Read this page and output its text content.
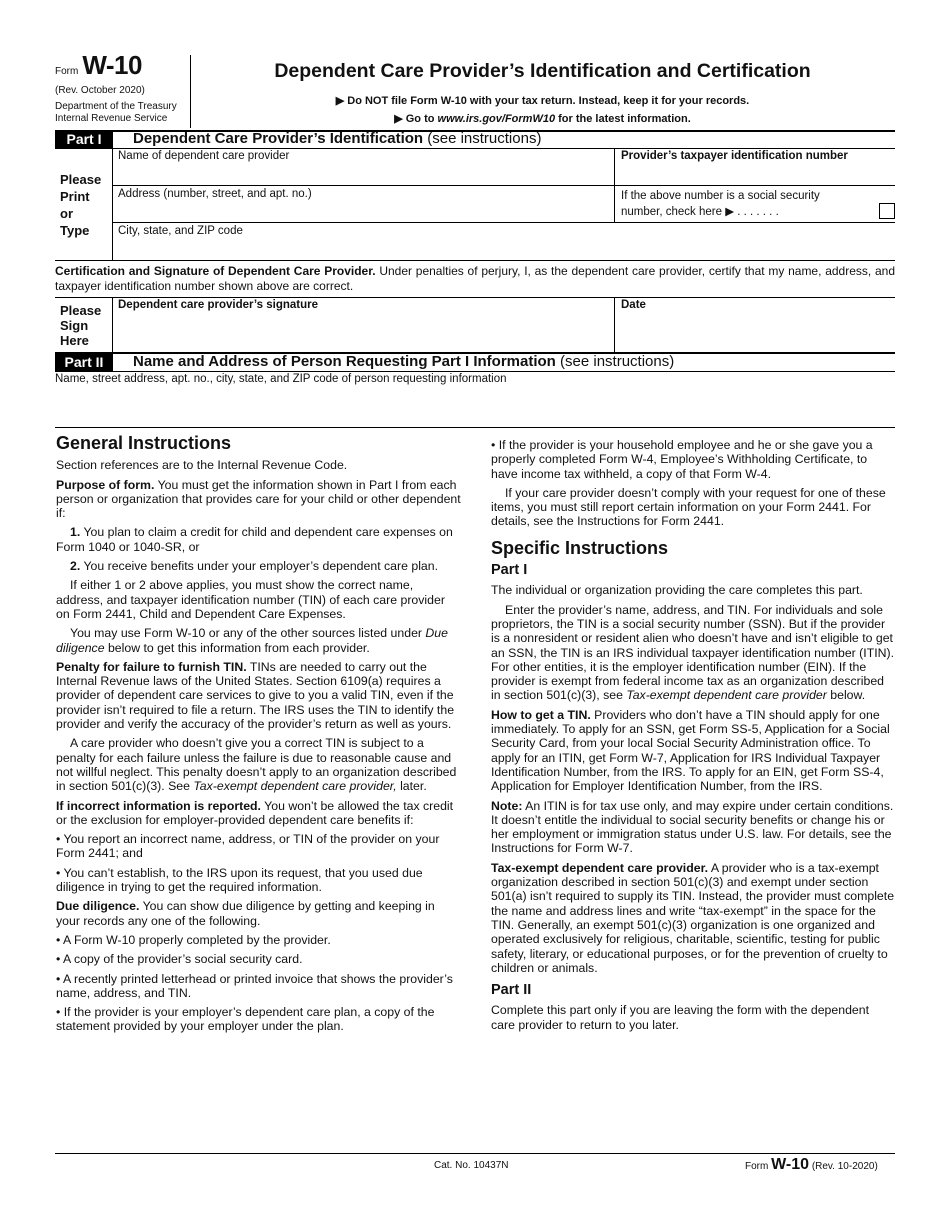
Form W-10
(Rev. October 2020)
Department of the Treasury
Internal Revenue Service
Dependent Care Provider’s Identification and Certification
▶ Do NOT file Form W-10 with your tax return. Instead, keep it for your records.
▶ Go to www.irs.gov/FormW10 for the latest information.
Part I	Dependent Care Provider’s Identification (see instructions)
Please
Print
or
Type
Name of dependent care provider	Provider’s taxpayer identification number
Address (number, street, and apt. no.)	If the above number is a social security
number, check here ▶ . . . . . . .
City, state, and ZIP code
Certification and Signature of Dependent Care Provider. Under penalties of perjury, I, as the dependent care provider, certify that my name, address, and taxpayer identification number shown above are correct.
Please
Sign
Here
Dependent care provider’s signature	Date
Part II	Name and Address of Person Requesting Part I Information (see instructions)
Name, street address, apt. no., city, state, and ZIP code of person requesting information
General Instructions

Section references are to the Internal Revenue Code.

Purpose of form. You must get the information shown in Part I from each person or organization that provides care for your child or other dependent if:

1. You plan to claim a credit for child and dependent care expenses on Form 1040 or 1040-SR, or

2. You receive benefits under your employer’s dependent care plan.

If either 1 or 2 above applies, you must show the correct name, address, and taxpayer identification number (TIN) of each care provider on Form 2441, Child and Dependent Care Expenses.

You may use Form W-10 or any of the other sources listed under Due diligence below to get this information from each provider.

Penalty for failure to furnish TIN. TINs are needed to carry out the Internal Revenue laws of the United States. Section 6109(a) requires a provider of dependent care services to give to you a valid TIN, even if the provider isn’t required to file a return. The IRS uses the TIN to identify the provider and verify the accuracy of the provider’s return as well as yours.

A care provider who doesn’t give you a correct TIN is subject to a penalty for each failure unless the failure is due to reasonable cause and not willful neglect. This penalty doesn’t apply to an organization described in section 501(c)(3). See Tax-exempt dependent care provider, later.

If incorrect information is reported. You won’t be allowed the tax credit or the exclusion for employer-provided dependent care benefits if:

• You report an incorrect name, address, or TIN of the provider on your Form 2441; and

• You can’t establish, to the IRS upon its request, that you used due diligence in trying to get the required information.

Due diligence. You can show due diligence by getting and keeping in your records any one of the following.

• A Form W-10 properly completed by the provider.

• A copy of the provider’s social security card.

• A recently printed letterhead or printed invoice that shows the provider’s name, address, and TIN.

• If the provider is your employer’s dependent care plan, a copy of the statement provided by your employer under the plan.

• If the provider is your household employee and he or she gave you a properly completed Form W-4, Employee’s Withholding Certificate, to have income tax withheld, a copy of that Form W-4.

If your care provider doesn’t comply with your request for one of these items, you must still report certain information on your Form 2441. For details, see the Instructions for Form 2441.

Specific Instructions
Part I

The individual or organization providing the care completes this part.

Enter the provider’s name, address, and TIN. For individuals and sole proprietors, the TIN is a social security number (SSN). But if the provider is a nonresident or resident alien who doesn’t have and isn’t eligible to get an SSN, the TIN is an IRS individual taxpayer identification number (ITIN). For other entities, it is the employer identification number (EIN). If the provider is exempt from federal income tax as an organization described in section 501(c)(3), see Tax-exempt dependent care provider below.

How to get a TIN. Providers who don’t have a TIN should apply for one immediately. To apply for an SSN, get Form SS-5, Application for a Social Security Card, from your local Social Security Administration office. To apply for an ITIN, get Form W-7, Application for IRS Individual Taxpayer Identification Number, from the IRS. To apply for an EIN, get Form SS-4, Application for Employer Identification Number, from the IRS.

Note: An ITIN is for tax use only, and may expire under certain conditions. It doesn’t entitle the individual to social security benefits or change his or her employment or immigration status under U.S. law. For details, see the Instructions for Form W-7.

Tax-exempt dependent care provider. A provider who is a tax-exempt organization described in section 501(c)(3) and exempt under section 501(a) isn’t required to supply its TIN. Instead, the provider must complete the name and address lines and write “tax-exempt” in the space for the TIN. Generally, an exempt 501(c)(3) organization is one organized and operated exclusively for religious, charitable, scientific, testing for public safety, literary, or educational purposes, or for the prevention of cruelty to children or animals.

Part II

Complete this part only if you are leaving the form with the dependent care provider to return to you later.

Cat. No. 10437N	Form W-10 (Rev. 10-2020)
